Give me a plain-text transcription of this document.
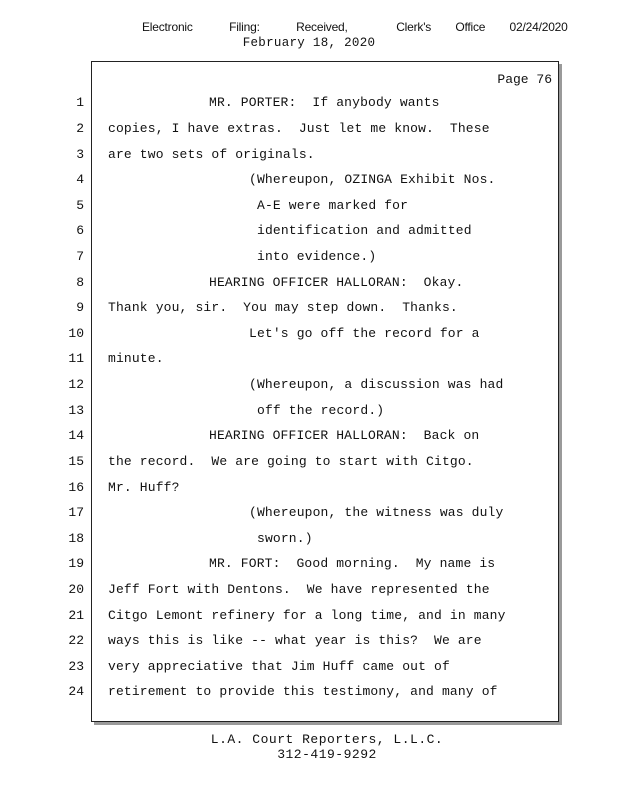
Electronic   Filing:   Received,    Clerk's  Office  02/24/2020
February 18, 2020
Page 76
1
2
3
4
5
6
7
8
9
10
11
12
13
14
15
16
17
18
19
20
21
22
23
24
MR. PORTER:  If anybody wants
copies, I have extras.  Just let me know.  These
are two sets of originals.
(Whereupon, OZINGA Exhibit Nos.
A-E were marked for
identification and admitted
into evidence.)
HEARING OFFICER HALLORAN:  Okay.
Thank you, sir.  You may step down.  Thanks.
Let's go off the record for a
minute.
(Whereupon, a discussion was had
off the record.)
HEARING OFFICER HALLORAN:  Back on
the record.  We are going to start with Citgo.
Mr. Huff?
(Whereupon, the witness was duly
sworn.)
MR. FORT:  Good morning.  My name is
Jeff Fort with Dentons.  We have represented the
Citgo Lemont refinery for a long time, and in many
ways this is like -- what year is this?  We are
very appreciative that Jim Huff came out of
retirement to provide this testimony, and many of
L.A. Court Reporters, L.L.C.
312-419-9292
